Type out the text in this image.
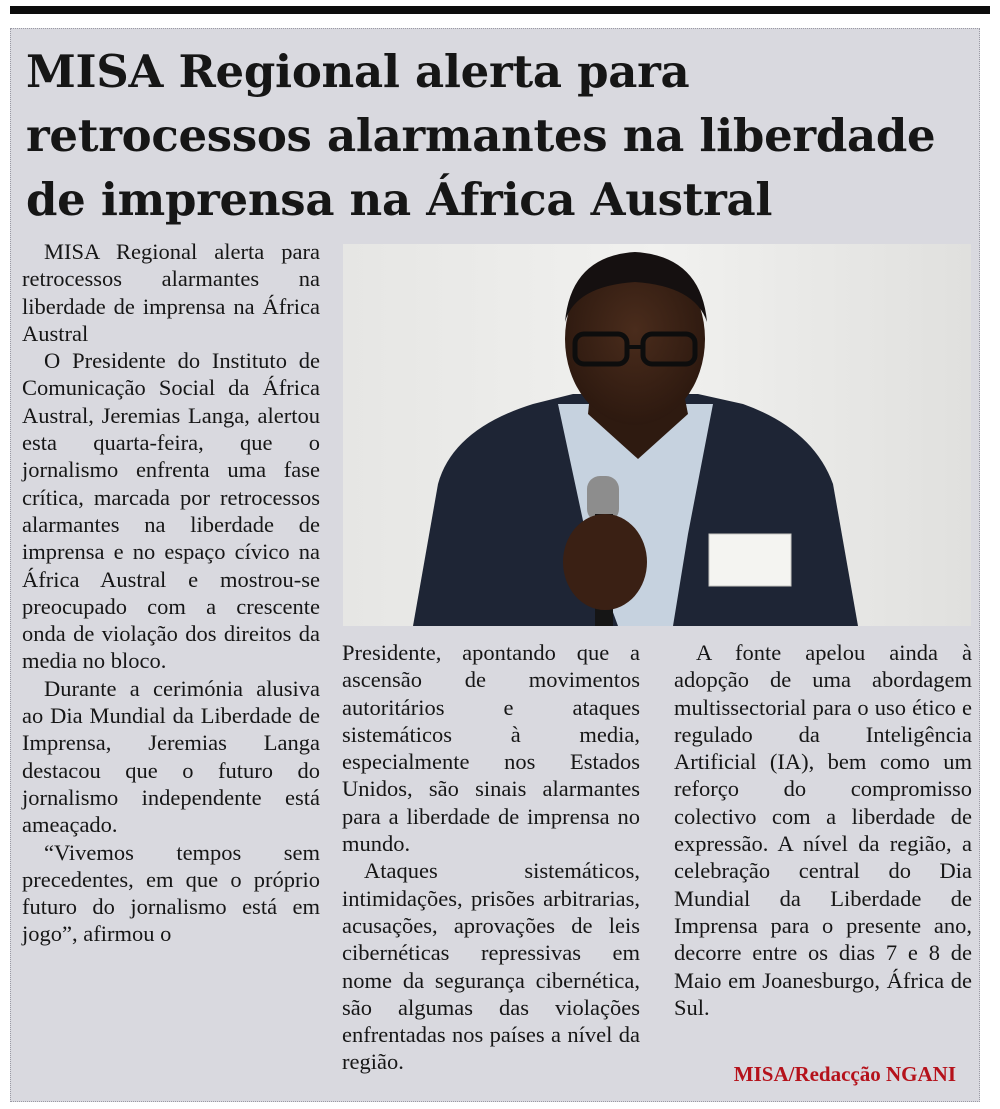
MISA Regional alerta para retrocessos alarmantes na liberdade de imprensa na África Austral

MISA Regional alerta para retrocessos alarmantes na liberdade de imprensa na África Austral

O Presidente do Instituto de Comunicação Social da África Austral, Jeremias Langa, alertou esta quarta-feira, que o jornalismo enfrenta uma fase crítica, marcada por retrocessos alarmantes na liberdade de imprensa e no espaço cívico na África Austral e mostrou-se preocupado com a crescente onda de violação dos direitos da media no bloco.

Durante a cerimónia alusiva ao Dia Mundial da Liberdade de Imprensa, Jeremias Langa destacou que o futuro do jornalismo independente está ameaçado.

“Vivemos tempos sem precedentes, em que o próprio futuro do jornalismo está em jogo”, afirmou o

Presidente, apontando que a ascensão de movimentos autoritários e ataques sistemáticos à media, especialmente nos Estados Unidos, são sinais alarmantes para a liberdade de imprensa no mundo.

Ataques sistemáticos, intimidações, prisões arbitrarias, acusações, aprovações de leis cibernéticas repressivas em nome da segurança cibernética, são algumas das violações enfrentadas nos países a nível da região.

A fonte apelou ainda à adopção de uma abordagem multissectorial para o uso ético e regulado da Inteligência Artificial (IA), bem como um reforço do compromisso colectivo com a liberdade de expressão. A nível da região, a celebração central do Dia Mundial da Liberdade de Imprensa para o presente ano, decorre entre os dias 7 e 8 de Maio em Joanesburgo, África de Sul.

MISA/Redacção NGANI
